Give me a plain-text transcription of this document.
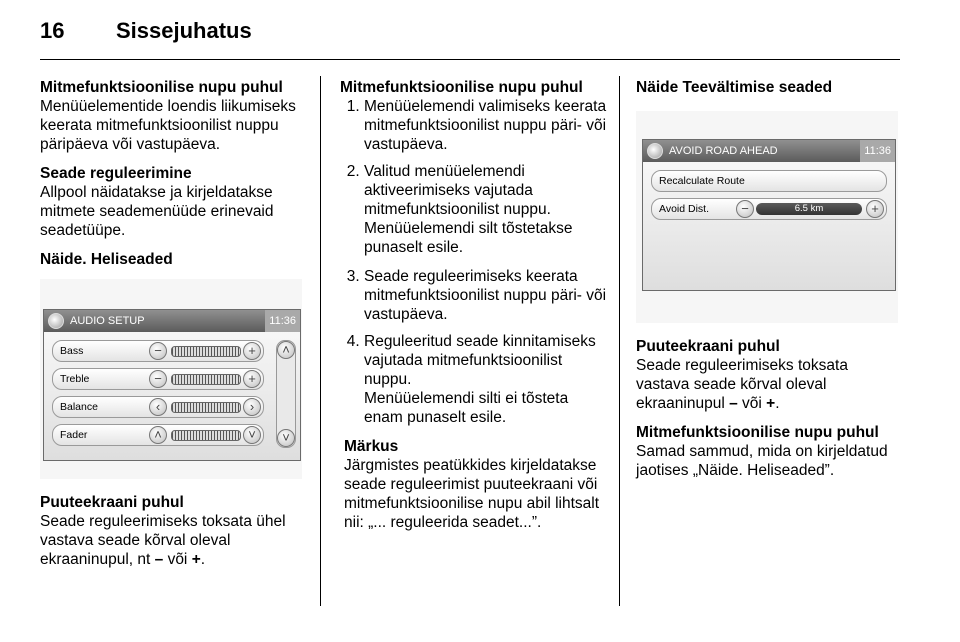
16 Sissejuhatus

Mitmefunktsioonilise nupu puhul
Menüüelementide loendis liikumiseks keerata mitmefunktsioonilist nuppu päripäeva või vastupäeva.

Seade reguleerimine
Allpool näidatakse ja kirjeldatakse mitmete seademenüüde erinevaid seadetüüpe.

Näide. Heliseaded

AUDIO SETUP	11:36
Bass	−	+
Treble	−	+
Balance	‹	›
Fader	˄	˅
˄
˅

Puuteekraani puhul
Seade reguleerimiseks toksata ühel vastava seade kõrval oleval ekraaninupul, nt – või +.

Mitmefunktsioonilise nupu puhul

1. Menüüelemendi valimiseks keerata mitmefunktsioonilist nuppu päri- või vastupäeva.
2. Valitud menüüelemendi aktiveerimiseks vajutada mitmefunktsioonilist nuppu.

Menüüelemendi silt tõstetakse punaselt esile.

3. Seade reguleerimiseks keerata mitmefunktsioonilist nuppu päri- või vastupäeva.
4. Reguleeritud seade kinnitamiseks vajutada mitmefunktsioonilist nuppu.

Menüüelemendi silti ei tõsteta enam punaselt esile.

Märkus
Järgmistes peatükkides kirjeldatakse seade reguleerimist puuteekraani või mitmefunktsioonilise nupu abil lihtsalt nii: „... reguleerida seadet...”.

Näide Teevältimise seaded

AVOID ROAD AHEAD	11:36
Recalculate Route
Avoid Dist.	−	6.5 km	+

Puuteekraani puhul
Seade reguleerimiseks toksata vastava seade kõrval oleval ekraaninupul – või +.

Mitmefunktsioonilise nupu puhul
Samad sammud, mida on kirjeldatud jaotises „Näide. Heliseaded”.
